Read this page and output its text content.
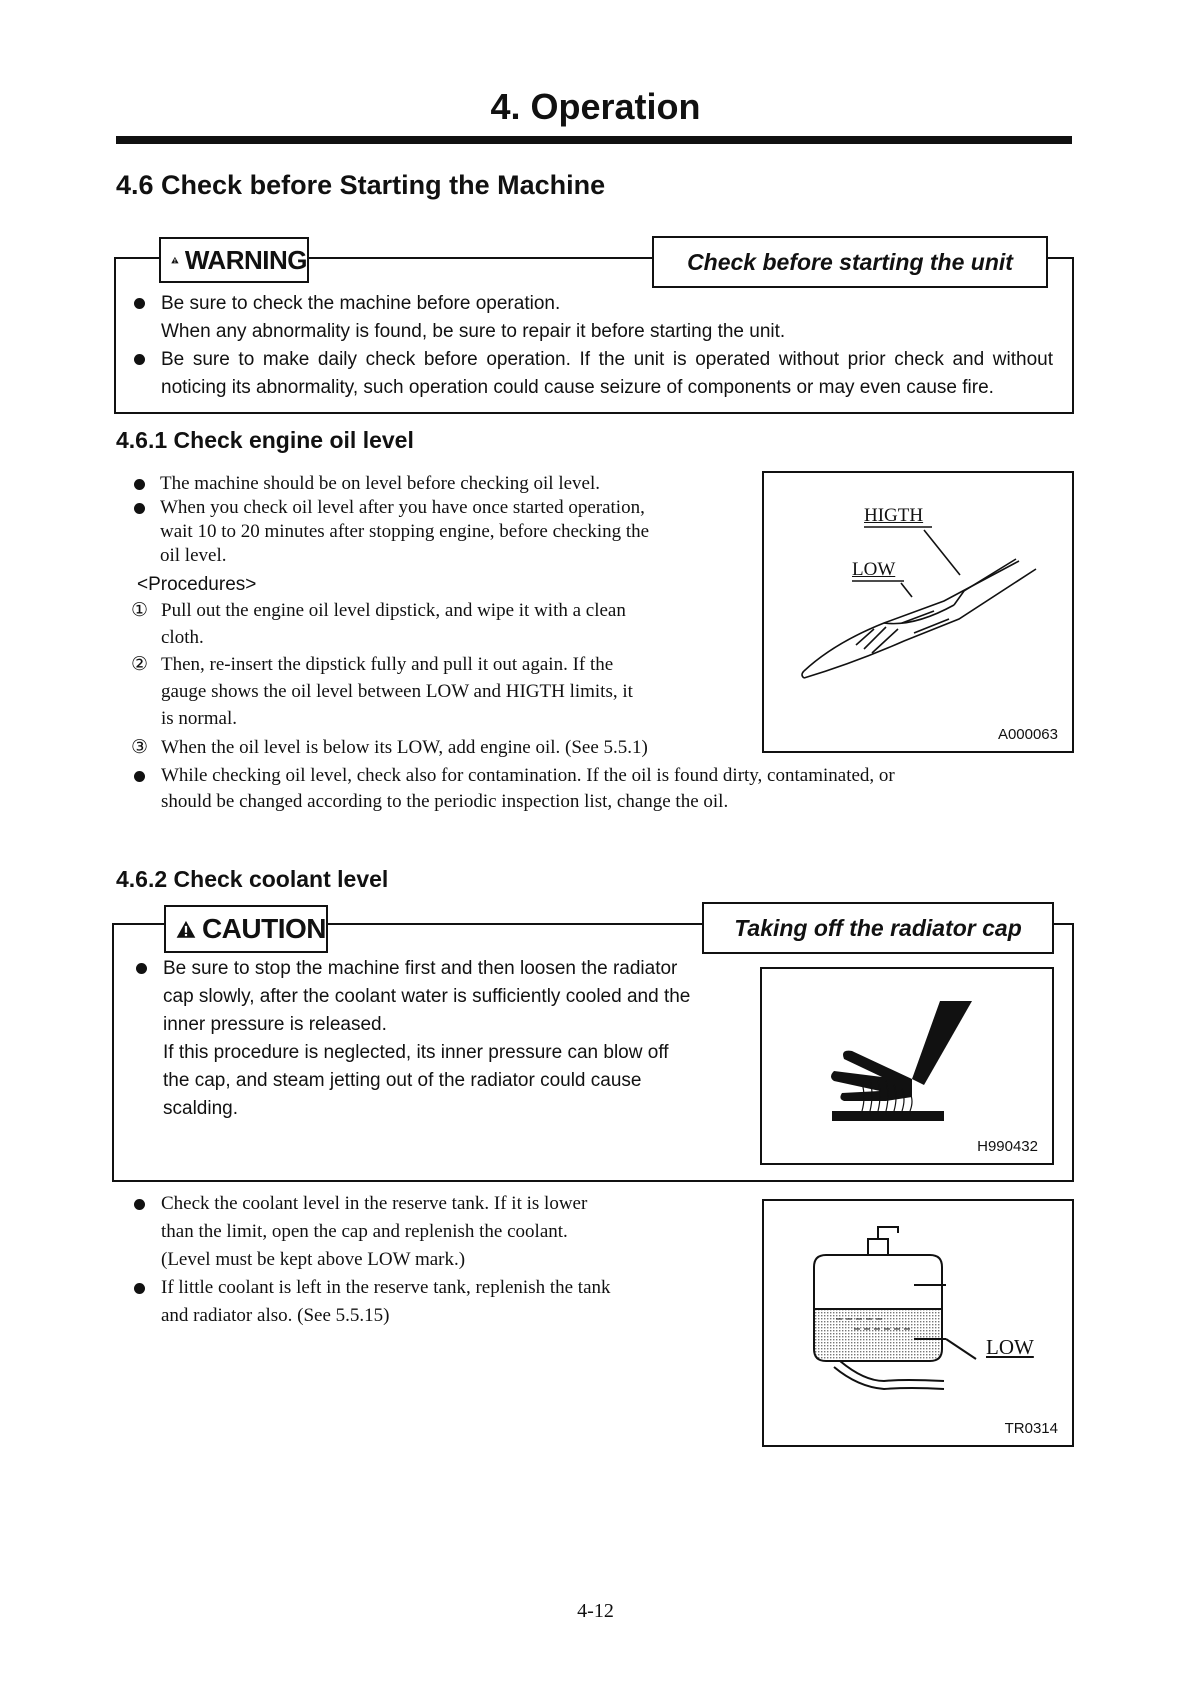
4. Operation
4.6 Check before Starting the Machine
WARNING	Check before starting the unit
Be sure to check the machine before operation.
When any abnormality is found, be sure to repair it before starting the unit.
Be sure to make daily check before operation. If the unit is operated without prior check and without
noticing its abnormality, such operation could cause seizure of components or may even cause fire.
4.6.1 Check engine oil level
The machine should be on level before checking oil level.
When you check oil level after you have once started operation,
wait 10 to 20 minutes after stopping engine, before checking the
oil level.
<Procedures>
① Pull out the engine oil level dipstick, and wipe it with a clean
cloth.
② Then, re-insert the dipstick fully and pull it out again. If the
gauge shows the oil level between LOW and HIGTH limits, it
is normal.
③ When the oil level is below its LOW, add engine oil. (See 5.5.1)
While checking oil level, check also for contamination. If the oil is found dirty, contaminated, or
should be changed according to the periodic inspection list, change the oil.
HIGTH
LOW
A000063
4.6.2 Check coolant level
CAUTION	Taking off the radiator cap
Be sure to stop the machine first and then loosen the radiator
cap slowly, after the coolant water is sufficiently cooled and the
inner pressure is released.
If this procedure is neglected, its inner pressure can blow off
the cap, and steam jetting out of the radiator could cause
scalding.
H990432
Check the coolant level in the reserve tank. If it is lower
than the limit, open the cap and replenish the coolant.
(Level must be kept above LOW mark.)
If little coolant is left in the reserve tank, replenish the tank
and radiator also. (See 5.5.15)
LOW
TR0314
4-12
